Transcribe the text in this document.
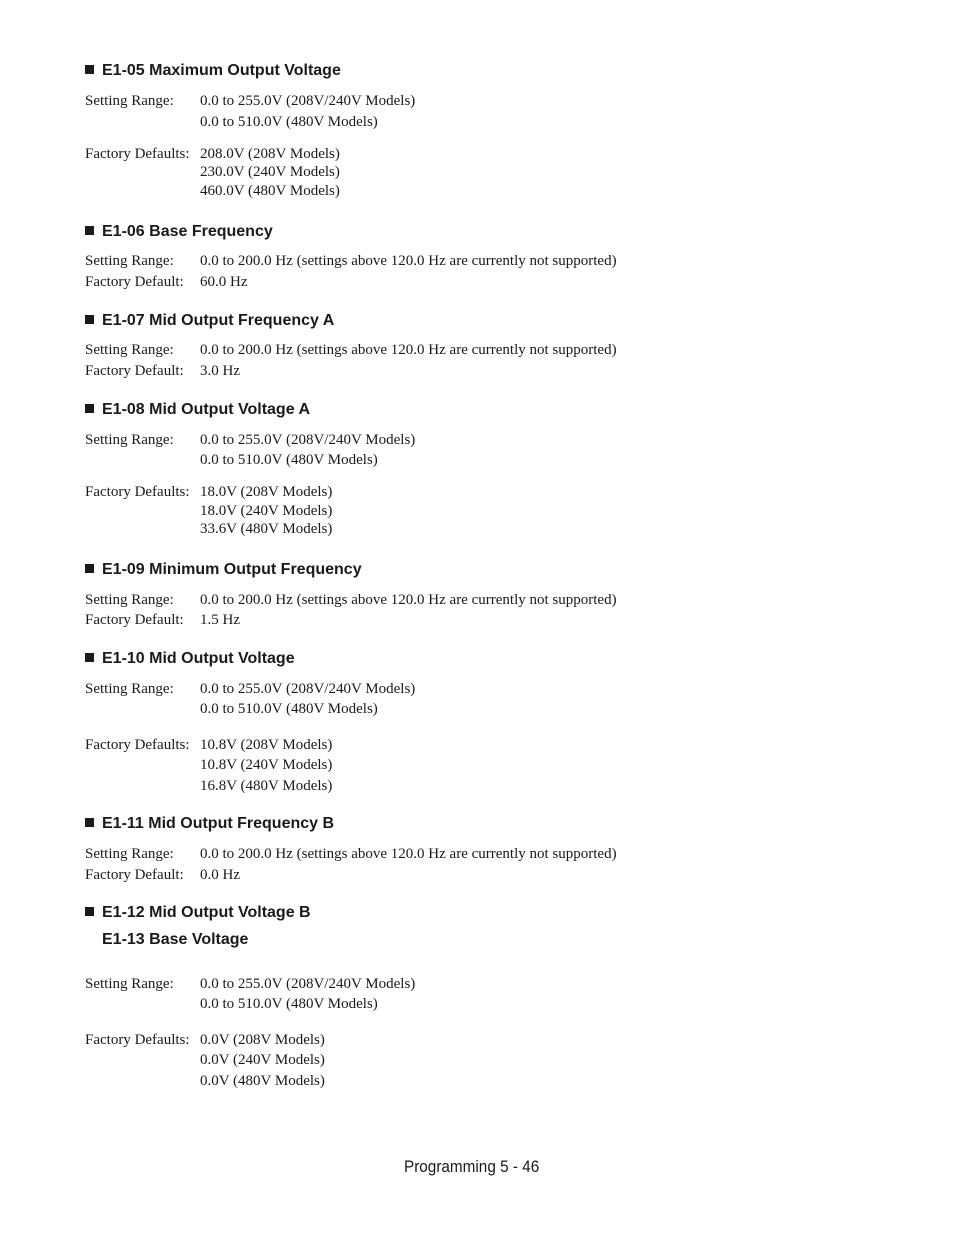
E1-05 Maximum Output Voltage
Setting Range: 0.0 to 255.0V (208V/240V Models)
0.0 to 510.0V (480V Models)
Factory Defaults: 208.0V (208V Models)
230.0V (240V Models)
460.0V (480V Models)
E1-06 Base Frequency
Setting Range: 0.0 to 200.0 Hz (settings above 120.0 Hz are currently not supported)
Factory Default: 60.0 Hz
E1-07 Mid Output Frequency A
Setting Range: 0.0 to 200.0 Hz (settings above 120.0 Hz are currently not supported)
Factory Default: 3.0 Hz
E1-08 Mid Output Voltage A
Setting Range: 0.0 to 255.0V (208V/240V Models)
0.0 to 510.0V (480V Models)
Factory Defaults: 18.0V (208V Models)
18.0V (240V Models)
33.6V (480V Models)
E1-09 Minimum Output Frequency
Setting Range: 0.0 to 200.0 Hz (settings above 120.0 Hz are currently not supported)
Factory Default: 1.5 Hz
E1-10 Mid Output Voltage
Setting Range: 0.0 to 255.0V (208V/240V Models)
0.0 to 510.0V (480V Models)
Factory Defaults: 10.8V (208V Models)
10.8V (240V Models)
16.8V (480V Models)
E1-11 Mid Output Frequency B
Setting Range: 0.0 to 200.0 Hz (settings above 120.0 Hz are currently not supported)
Factory Default: 0.0 Hz
E1-12 Mid Output Voltage B
E1-13 Base Voltage
Setting Range: 0.0 to 255.0V (208V/240V Models)
0.0 to 510.0V (480V Models)
Factory Defaults: 0.0V (208V Models)
0.0V (240V Models)
0.0V (480V Models)
Programming 5 - 46
